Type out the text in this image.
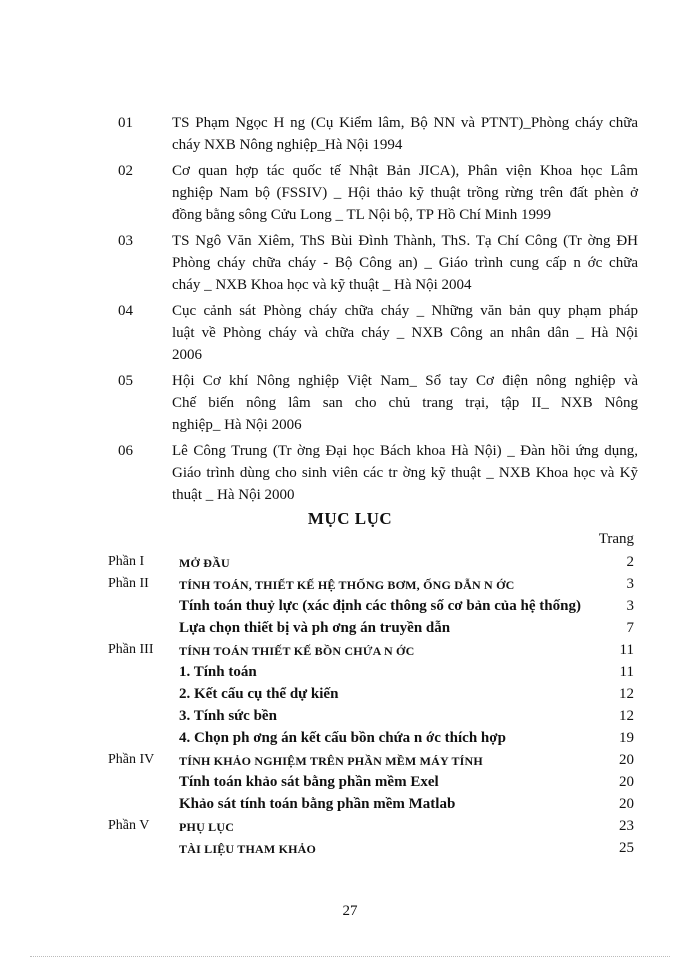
01	TS Phạm Ngọc H ng (Cụ Kiểm lâm, Bộ NN và PTNT)_Phòng cháy chữa
cháy NXB Nông nghiệp_Hà Nội 1994
02	Cơ quan hợp tác quốc tế Nhật Bản JICA), Phân viện Khoa học Lâm
nghiệp Nam bộ (FSSIV) _ Hội thảo kỹ thuật trồng rừng trên đất phèn ở
đồng bằng sông Cửu Long _ TL Nội bộ, TP Hồ Chí Minh 1999
03	TS Ngô Văn Xiêm, ThS Bùi Đình Thành, ThS. Tạ Chí Công (Tr ờng ĐH
Phòng cháy chữa cháy - Bộ Công an) _ Giáo trình cung cấp n ớc chữa
cháy _ NXB Khoa học và kỹ thuật _ Hà Nội 2004
04	Cục cảnh sát Phòng cháy chữa cháy _ Những văn bản quy phạm pháp
luật về Phòng cháy và chữa cháy _ NXB Công an nhân dân _ Hà Nội
2006
05	Hội Cơ khí Nông nghiệp Việt Nam_ Sổ tay Cơ điện nông nghiệp và
Chế biến nông lâm san cho chủ trang trại, tập II_ NXB Nông
nghiệp_ Hà Nội 2006
06	Lê Công Trung (Tr ờng Đại học Bách khoa Hà Nội) _ Đàn hồi ứng dụng,
Giáo trình dùng cho sinh viên các tr ờng kỹ thuật _ NXB Khoa học và Kỹ
thuật _ Hà Nội 2000
MỤC LỤC
Trang
Phần I	MỞ ĐẦU	2
Phần II	TÍNH TOÁN, THIẾT KẾ HỆ THỐNG BƠM, ỐNG DẪN N ỚC	3
Tính toán thuỷ lực (xác định các thông số cơ bản của hệ thống)	3
Lựa chọn thiết bị và ph ơng án truyền dẫn	7
Phần III TÍNH TOÁN THIẾT KẾ BỒN CHỨA N ỚC	11
1. Tính toán	11
2. Kết cấu cụ thể dự kiến	12
3. Tính sức bền	12
4. Chọn ph ơng án kết cấu bồn chứa n ớc thích hợp	19
Phần IV TÍNH KHẢO NGHIỆM TRÊN PHẦN MỀM MÁY TÍNH	20
Tính toán khảo sát bằng phần mềm Exel	20
Khảo sát tính toán bằng phần mềm Matlab	20
Phần V PHỤ LỤC	23
TÀI LIỆU THAM KHẢO	25
27
